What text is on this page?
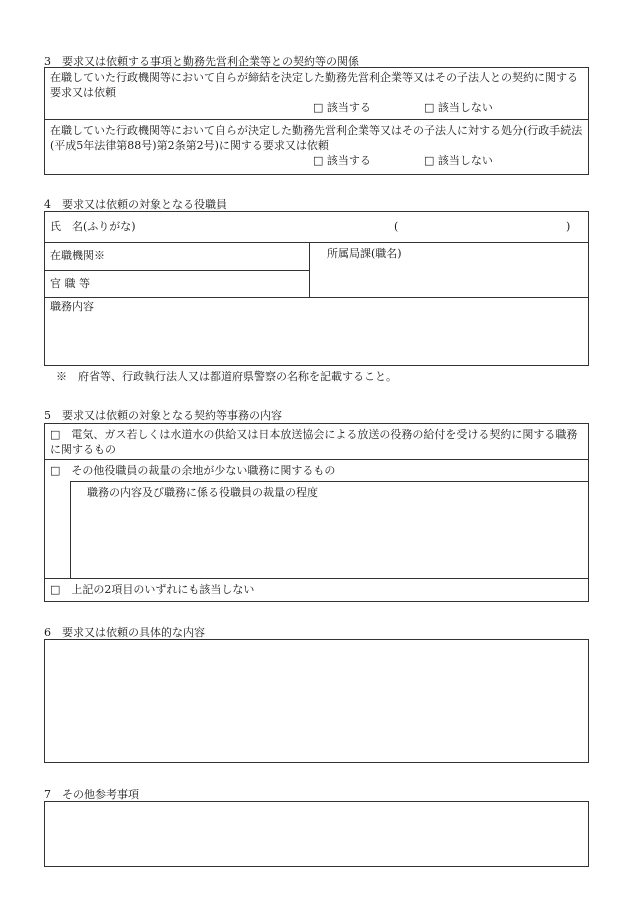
3　要求又は依頼する事項と勤務先営利企業等との契約等の関係
在職していた行政機関等において自らが締結を決定した勤務先営利企業等又はその子法人との契約に関する要求又は依頼
□ 該当する	□ 該当しない
在職していた行政機関等において自らが決定した勤務先営利企業等又はその子法人に対する処分(行政手続法(平成5年法律第88号)第2条第2号)に関する要求又は依頼
□ 該当する	□ 該当しない
4　要求又は依頼の対象となる役職員
氏　名(ふりがな)	(	)
在職機関※	所属局課(職名)
官 職 等
職務内容
※　府省等、行政執行法人又は都道府県警察の名称を記載すること。
5　要求又は依頼の対象となる契約等事務の内容
□　電気、ガス若しくは水道水の供給又は日本放送協会による放送の役務の給付を受ける契約に関する職務に関するもの
□　その他役職員の裁量の余地が少ない職務に関するもの
職務の内容及び職務に係る役職員の裁量の程度
□　上記の2項目のいずれにも該当しない
6　要求又は依頼の具体的な内容
7　その他参考事項
